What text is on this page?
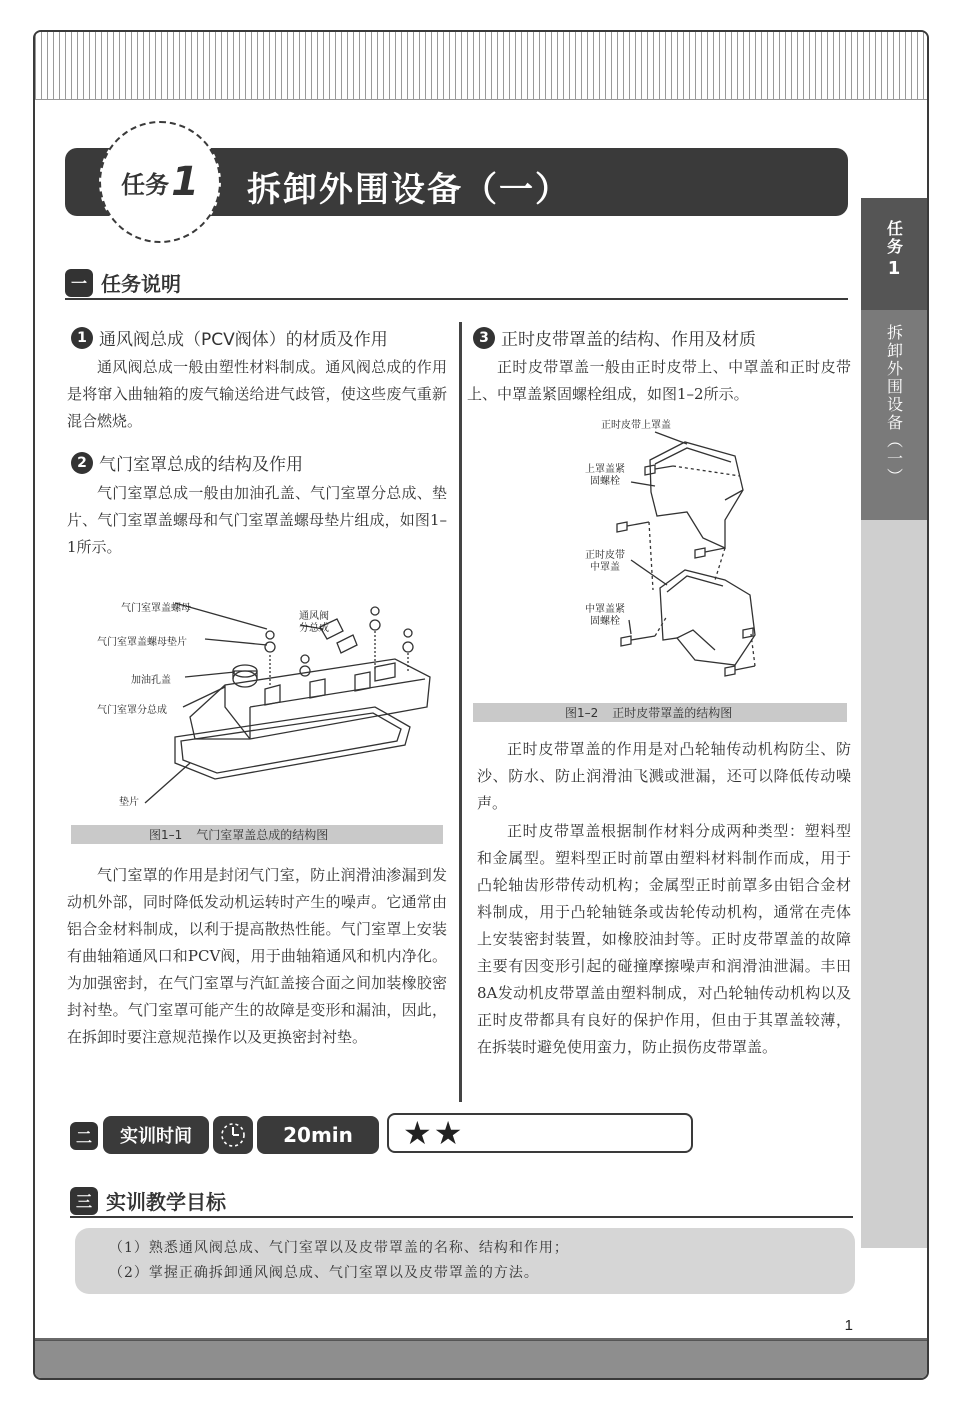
任务 1 拆卸外围设备（一）
任务
1
拆卸外围设备（一）
一 任务说明
1 通风阀总成（PCV阀体）的材质及作用

通风阀总成一般由塑性材料制成。通风阀总成的作用是将窜入曲轴箱的废气输送给进气歧管，使这些废气重新混合燃烧。

2 气门室罩总成的结构及作用

气门室罩总成一般由加油孔盖、气门室罩分总成、垫片、气门室罩盖螺母和气门室罩盖螺母垫片组成，如图1–1所示。

气门室罩盖螺母
气门室罩盖螺母垫片
加油孔盖
气门室罩分总成
垫片
通风阀
分总成
图1–1 气门室罩盖总成的结构图

气门室罩的作用是封闭气门室，防止润滑油渗漏到发动机外部，同时降低发动机运转时产生的噪声。它通常由铝合金材料制成，以利于提高散热性能。气门室罩上安装有曲轴箱通风口和PCV阀，用于曲轴箱通风和机内净化。为加强密封，在气门室罩与汽缸盖接合面之间加装橡胶密封衬垫。气门室罩可能产生的故障是变形和漏油，因此，在拆卸时要注意规范操作以及更换密封衬垫。

3 正时皮带罩盖的结构、作用及材质

正时皮带罩盖一般由正时皮带上、中罩盖和正时皮带上、中罩盖紧固螺栓组成，如图1–2所示。

正时皮带上罩盖
上罩盖紧
固螺栓
正时皮带
中罩盖
中罩盖紧
固螺栓
图1–2 正时皮带罩盖的结构图

正时皮带罩盖的作用是对凸轮轴传动机构防尘、防沙、防水、防止润滑油飞溅或泄漏，还可以降低传动噪声。

正时皮带罩盖根据制作材料分成两种类型：塑料型和金属型。塑料型正时前罩由塑料材料制作而成，用于凸轮轴齿形带传动机构；金属型正时前罩多由铝合金材料制成，用于凸轮轴链条或齿轮传动机构，通常在壳体上安装密封装置，如橡胶油封等。正时皮带罩盖的故障主要有因变形引起的碰撞摩擦噪声和润滑油泄漏。丰田8A发动机皮带罩盖由塑料制成，对凸轮轴传动机构以及正时皮带都具有良好的保护作用，但由于其罩盖较薄，在拆装时避免使用蛮力，防止损伤皮带罩盖。

二	实训时间	20min	★★
三 实训教学目标
（1）熟悉通风阀总成、气门室罩以及皮带罩盖的名称、结构和作用；
（2）掌握正确拆卸通风阀总成、气门室罩以及皮带罩盖的方法。
1
